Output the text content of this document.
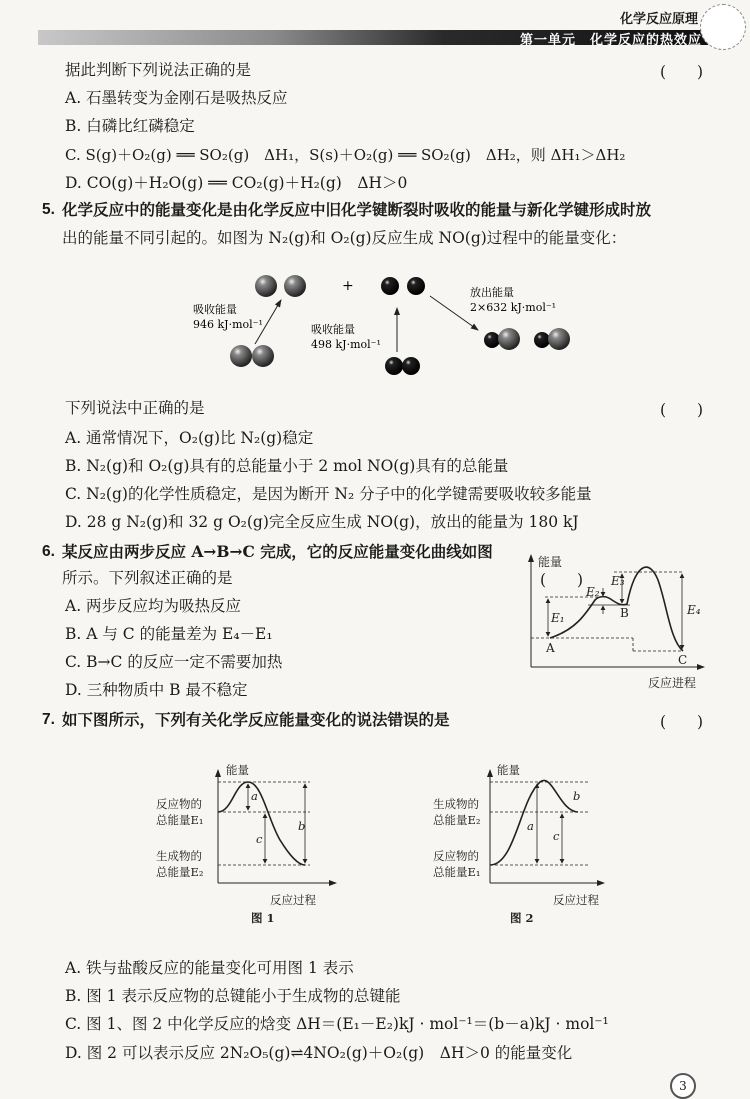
化学反应原理
第一单元　化学反应的热效应
据此判断下列说法正确的是	(　　)
A. 石墨转变为金刚石是吸热反应
B. 白磷比红磷稳定
C. S(g)＋O₂(g) ══ SO₂(g)　ΔH₁，S(s)＋O₂(g) ══ SO₂(g)　ΔH₂，则 ΔH₁＞ΔH₂
D. CO(g)＋H₂O(g) ══ CO₂(g)＋H₂(g)　ΔH＞0
5. 化学反应中的能量变化是由化学反应中旧化学键断裂时吸收的能量与新化学键形成时放
出的能量不同引起的。如图为 N₂(g)和 O₂(g)反应生成 NO(g)过程中的能量变化：
+
吸收能量
946 kJ·mol⁻¹	吸收能量
498 kJ·mol⁻¹
放出能量
2×632 kJ·mol⁻¹
能量
反应进程
A
B
C
E₁
E₂
E₃
E₄
能量
反应过程
反应物的
总能量E₁
生成物的
总能量E₂
a
b
c
图 1
能量
反应过程
生成物的
总能量E₂
反应物的
总能量E₁
a
b
c
图 2
下列说法中正确的是	(　　)
A. 通常情况下，O₂(g)比 N₂(g)稳定
B. N₂(g)和 O₂(g)具有的总能量小于 2 mol NO(g)具有的总能量
C. N₂(g)的化学性质稳定，是因为断开 N₂ 分子中的化学键需要吸收较多能量
D. 28 g N₂(g)和 32 g O₂(g)完全反应生成 NO(g)，放出的能量为 180 kJ
6. 某反应由两步反应 A→B→C 完成，它的反应能量变化曲线如图
所示。下列叙述正确的是	(　　)
A. 两步反应均为吸热反应
B. A 与 C 的能量差为 E₄－E₁
C. B→C 的反应一定不需要加热
D. 三种物质中 B 最不稳定
7. 如下图所示，下列有关化学反应能量变化的说法错误的是	(　　)
A. 铁与盐酸反应的能量变化可用图 1 表示
B. 图 1 表示反应物的总键能小于生成物的总键能
C. 图 1、图 2 中化学反应的焓变 ΔH＝(E₁－E₂)kJ · mol⁻¹＝(b－a)kJ · mol⁻¹
D. 图 2 可以表示反应 2N₂O₅(g)⇌4NO₂(g)＋O₂(g)　ΔH＞0 的能量变化
3
